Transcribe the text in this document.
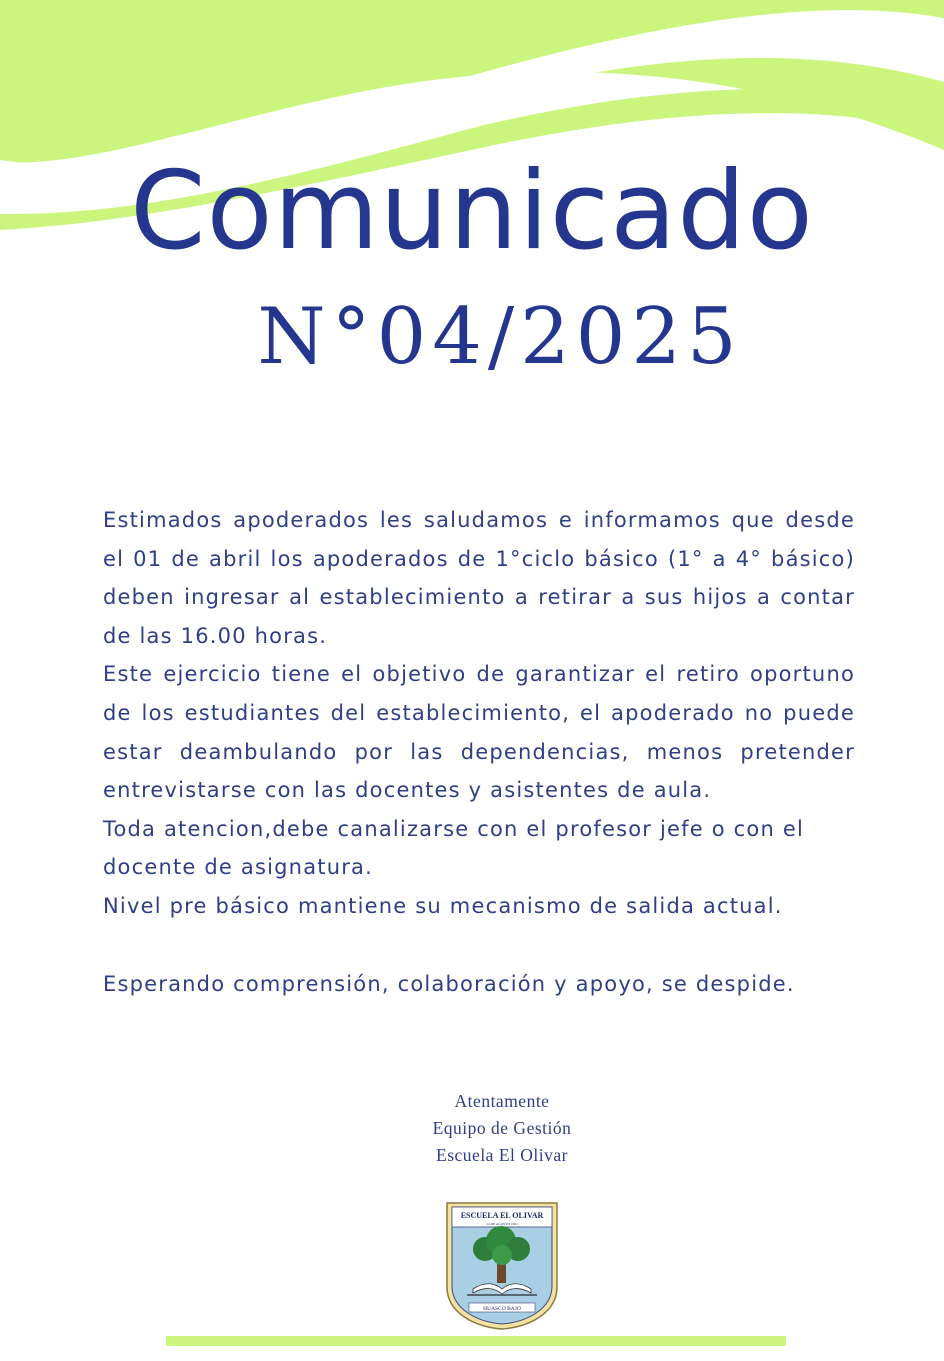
Comunicado
N°04/2025

Estimados apoderados les saludamos e informamos que desde el 01 de abril los apoderados de 1°ciclo básico (1° a 4° básico) deben ingresar al establecimiento a retirar a sus hijos a contar de las 16.00 horas.

Este ejercicio tiene el objetivo de garantizar el retiro oportuno de los estudiantes del establecimiento, el apoderado no puede estar deambulando por las dependencias, menos pretender entrevistarse con las docentes y asistentes de aula.

Toda atencion,debe canalizarse con el profesor jefe o con el docente de asignatura.

Nivel pre básico mantiene su mecanismo de salida actual.

Esperando comprensión, colaboración y apoyo, se despide.

Atentamente
Equipo de Gestión
Escuela El Olivar
ESCUELA EL OLIVAR
14 DE AGOSTO 1961
HUASCO BAJO
